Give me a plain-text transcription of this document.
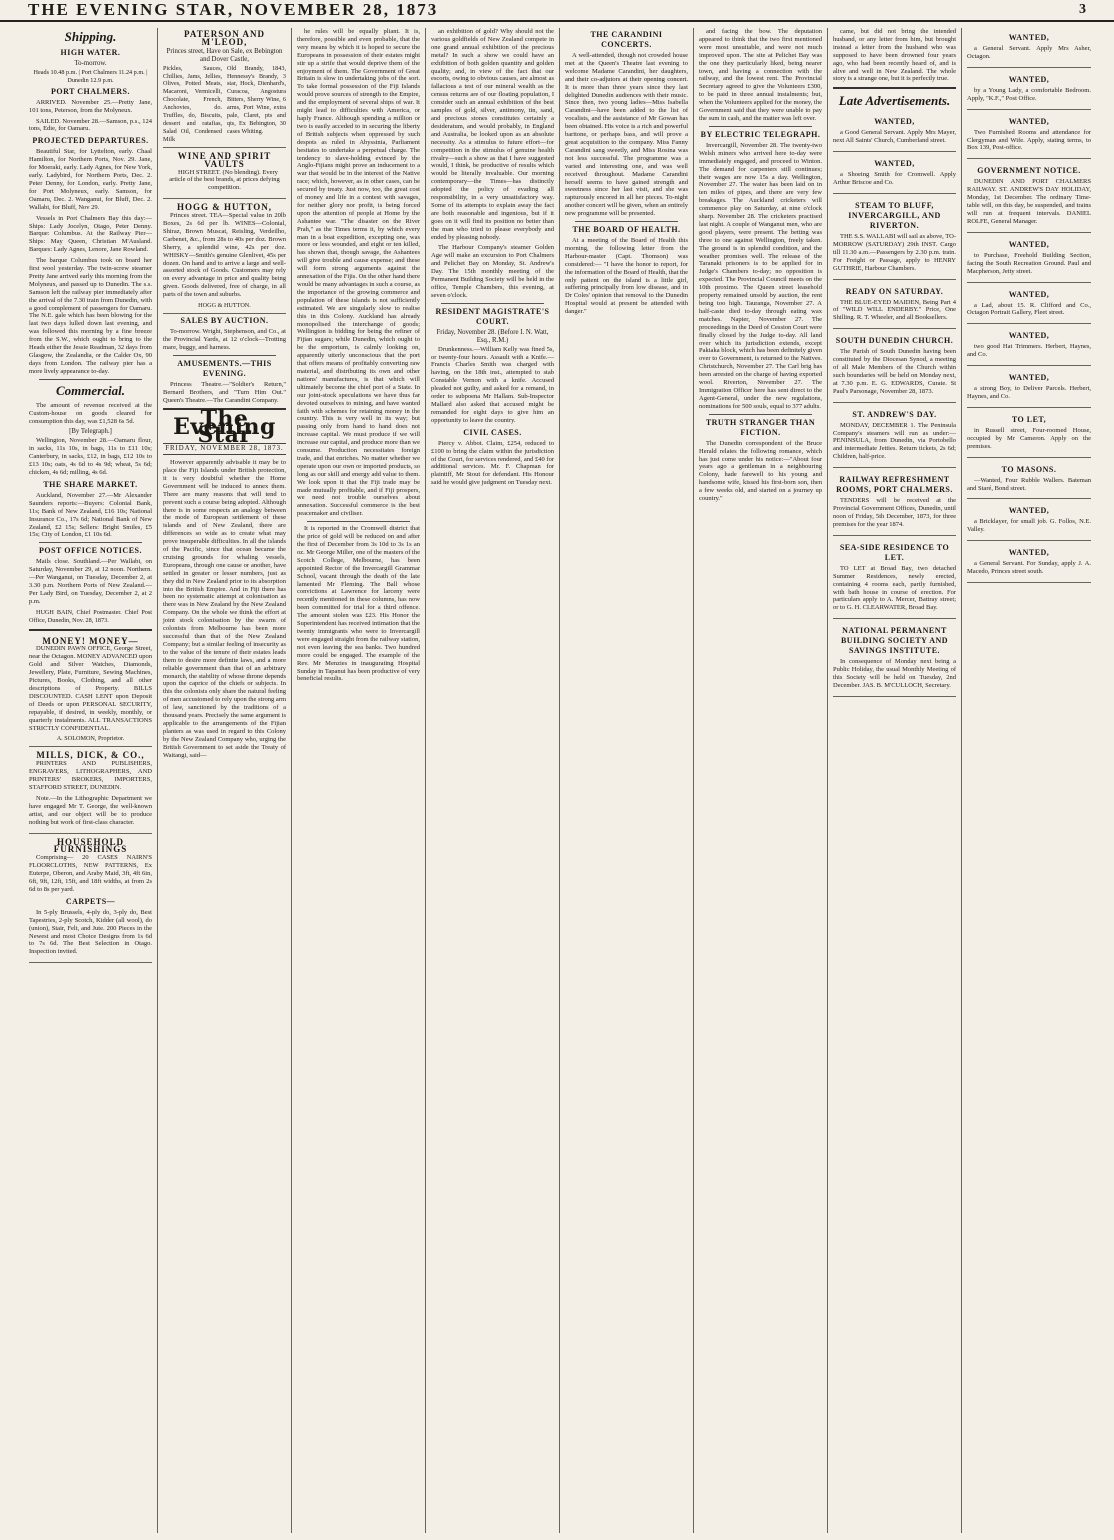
THE EVENING STAR, NOVEMBER 28, 1873	3
Shipping.
HIGH WATER.
To-morrow.
Heads 10.48 p.m. | Port Chalmers 11.24 p.m. | Dunedin 12.9 p.m.
PORT CHALMERS.

ARRIVED. November 25.—Pretty Jane, 101 tons, Peterson, from the Molyneux.

SAILED. November 28.—Samson, p.s., 124 tons, Edie, for Oamaru.

PROJECTED DEPARTURES.

Beautiful Star, for Lyttelton, early. Chaal Hamilton, for Northern Ports, Nov. 29. Jane, for Moeraki, early. Lady Agnes, for New York, early. Ladybird, for Northern Ports, Dec. 2. Peter Denny, for London, early. Pretty Jane, for Port Molyneux, early. Samson, for Oamaru, Dec. 2. Wanganui, for Bluff, Dec. 2. Wallabi, for Bluff, Nov 29.

Vessels in Port Chalmers Bay this day:—Ships: Lady Jocelyn, Otago, Peter Denny. Barque: Columbus. At the Railway Pier—Ships: May Queen, Christian M'Ausland. Barques: Lady Agnes, Lenore, Jane Rowland.

The barque Columbus took on board her first wool yesterday. The twin-screw steamer Pretty Jane arrived early this morning from the Molyneux, and passed up to Dunedin. The s.s. Samson left the railway pier immediately after the arrival of the 7.30 train from Dunedin, with a good complement of passengers for Oamaru. The N.E. gale which has been blowing for the last two days lulled down last evening, and was followed this morning by a fine breeze from the S.W., which ought to bring to the Heads either the Jessie Readman, 32 days from Glasgow, the Zealandia, or the Calder Ox, 90 days from London. The railway pier has a more lively appearance to-day.

Commercial.

The amount of revenue received at the Custom-house on goods cleared for consumption this day, was £1,528 6s 5d.

[By Telegraph.]

Wellington, November 28.—Oamaru flour, in sacks, 11s 10s, in bags, 11s to £11 10s; Canterbury, in sacks, £12, in bags, £12 10s to £13 10s; oats, 4s 6d to 4s 9d; wheat, 5s 6d; chicken, 4s 6d; milling, 4s 6d.

THE SHARE MARKET.

Auckland, November 27.—Mr Alexander Saunders reports:—Buyers: Colonial Bank, 11s; Bank of New Zealand, £16 10s; National Insurance Co., 17s 6d; National Bank of New Zealand, £2 15s; Sellers: Bright Smiles, £5 15s; City of London, £1 10s 6d.

POST OFFICE NOTICES.

Mails close. Southland.—Per Wallabi, on Saturday, November 29, at 12 noon. Northern.—Per Wanganui, on Tuesday, December 2, at 3.30 p.m. Northern Ports of New Zealand.—Per Lady Bird, on Tuesday, December 2, at 2 p.m.

HUGH BAIN, Chief Postmaster. Chief Post Office, Dunedin, Nov. 28, 1873.

MONEY! MONEY—

DUNEDIN PAWN OFFICE, George Street, near the Octagon. MONEY ADVANCED upon Gold and Silver Watches, Diamonds, Jewellery, Plate, Furniture, Sewing Machines, Pictures, Books, Clothing, and all other descriptions of Property. BILLS DISCOUNTED. CASH LENT upon Deposit of Deeds or upon PERSONAL SECURITY, repayable, if desired, in weekly, monthly, or quarterly instalments. ALL TRANSACTIONS STRICTLY CONFIDENTIAL.

A. SOLOMON, Proprietor.
MILLS, DICK, & CO.,

PRINTERS AND PUBLISHERS, ENGRAVERS, LITHOGRAPHERS, AND PRINTERS' BROKERS, IMPORTERS, STAFFORD STREET, DUNEDIN.

Note.—In the Lithographic Department we have engaged Mr T. George, the well-known artist, and our object will be to produce nothing but work of first-class character.

HOUSEHOLD FURNISHINGS

Comprising— 20 CASES NAIRN'S FLOORCLOTHS, NEW PATTERNS, Ex Euterpe, Oberon, and Araby Maid, 3ft, 4ft 6in, 6ft, 9ft, 12ft, 15ft, and 18ft widths, at from 2s 6d to 8s per yard.

CARPETS—

In 5-ply Brussels, 4-ply do, 3-ply do, Best Tapestries, 2-ply Scotch, Kidder (all wool), do (union), Stair, Felt, and Jute. 200 Pieces in the Newest and most Choice Designs from 1s 6d to 7s 6d. The Best Selection in Otago. Inspection invited.

PATERSON AND M'LEOD,
Princes street, Have on Sale, ex Bebington and Dover Castle,
Pickles, Sauces, Chillies, Jams, Jellies, Olives, Potted Meats, Macaroni, Vermicelli, Chocolate, French, Anchovies, do. Truffles, do, Biscuits, dessert and ratafias, Salad Oil, Condensed Milk
Old Brandy, 1843, Hennessy's Brandy, 3 star, Hock, Dienhard's, Curacoa, Angostura Bitters, Sherry Wine, 6 arms, Port Wine, extra pale, Claret, pts and qts, Ex Bebington, 30 cases Whiting.
WINE AND SPIRIT VAULTS

HIGH STREET. (No blending). Every article of the best brands, at prices defying competition.

HOGG & HUTTON,

Princes street. TEA—Special value in 20lb Boxes, 2s 6d per lb. WINES—Colonial, Shiraz, Brown Muscat, Reisling, Verdeilho, Carbenet, &c., from 28s to 40s per doz. Brown Sherry, a splendid wine, 42s per doz. WHISKY—Smith's genuine Glenlivet, 45s per dozen. On hand and to arrive a large and well-assorted stock of Goods. Customers may rely on every advantage in price and quality being given. Goods delivered, free of charge, in all parts of the town and suburbs.

HOGG & HUTTON.
SALES BY AUCTION.

To-morrow. Wright, Stephenson, and Co., at the Provincial Yards, at 12 o'clock—Trotting mare, buggy, and harness.

AMUSEMENTS.—THIS EVENING.

Princess Theatre.—"Soldier's Return," Bernard Brothers, and "Turn Him Out." Queen's Theatre.—The Carandini Company.

The Evening Star
FRIDAY, NOVEMBER 28, 1873.

However apparently advisable it may be to place the Fiji Islands under British protection, it is very doubtful whether the Home Government will be induced to annex them. There are many reasons that will tend to prevent such a course being adopted. Although there is in some respects an analogy between the mode of European settlement of these islands and of New Zealand, there are differences so wide as to create what may prove insuperable difficulties. In all the islands of the Pacific, since that ocean became the cruising grounds for whaling vessels, Europeans, through one cause or another, have settled in greater or lesser numbers, just as they did in New Zealand prior to its absorption into the British Empire. And in Fiji there has been no systematic attempt at colonisation as there was in New Zealand by the New Zealand Company. On the whole we think the effort at joint stock colonisation by the swarm of colonists from Melbourne has been more successful than that of the New Zealand Company; but a similar feeling of insecurity as to the value of the tenure of their estates leads them to desire more definite laws, and a more reliable government than that of an arbitrary monarch, the stability of whose throne depends upon the caprice of the chiefs or subjects. In this the colonists only share the natural feeling of men accustomed to rely upon the strong arm of law, sanctioned by the traditions of a thousand years. Precisely the same argument is applicable to the arrangements of the Fijian planters as was used in regard to this Colony by the New Zealand Company who, urging the British Government to set aside the Treaty of Waitangi, said—

he rules will be equally pliant. It is, therefore, possible and even probable, that the very means by which it is hoped to secure the Europeans in possession of their estates might stir up a strife that would deprive them of the enjoyment of them. The Government of Great Britain is slow in undertaking jobs of the sort. To take formal possession of the Fiji Islands would prove sources of strength to the Empire, and the employment of several ships of war. It might lead to difficulties with America, or haply France. Although spending a million or two is easily acceded to in securing the liberty of British subjects when oppressed by such despots as ruled in Abyssinia, Parliament hesitates to undertake a perpetual charge. The tendency to slave-holding evinced by the Anglo-Fijians might prove an inducement to a war that would be in the interest of the Native race; which, however, as in other cases, can be secured by treaty. Just now, too, the great cost of money and life in a contest with savages, for neither glory nor profit, is being forced upon the attention of people at Home by the Ashantee war. "The disaster on the River Prah," as the Times terms it, by which every man in a boat expedition, excepting one, was more or less wounded, and eight or ten killed, has shown that, though savage, the Ashantees will give trouble and cause expense; and these will form strong arguments against the annexation of the Fijis. On the other hand there would be many advantages in such a course, as the importance of the growing commerce and population of these islands is not sufficiently estimated. We are singularly slow to realise this in this Colony. Auckland has already monopolised the interchange of goods; Wellington is bidding for being the refiner of Fijian sugars; while Dunedin, which ought to be the emporium, is calmly looking on, apparently utterly unconscious that the port that offers means of profitably converting raw material, and distributing its own and other nations' manufactures, is that which will ultimately become the chief port of a State. In our joint-stock speculations we have thus far devoted ourselves to mining, and have wanted faith with schemes for retaining money in the country. This is very well in its way; but passing only from hand to hand does not increase capital. We must produce if we will increase our capital, and produce more than we consume. Production necessitates foreign trade, and that enriches. No matter whether we operate upon our own or imported products, so long as our skill and energy add value to them. We look upon it that the Fiji trade may be made mutually profitable, and if Fiji prospers, we need not trouble ourselves about annexation. Successful commerce is the best peacemaker and civiliser.

It is reported in the Cromwell district that the price of gold will be reduced on and after the first of December from 3s 10d to 3s 1s an oz. Mr George Miller, one of the masters of the Scotch College, Melbourne, has been appointed Rector of the Invercargill Grammar School, vacant through the death of the late lamented Mr Fleming. The Ball whose convictions at Lawrence for larceny were recently mentioned in these columns, has now been committed for trial for a third offence. The amount stolen was £23. His Honor the Superintendent has received intimation that the twenty immigrants who were to Invercargill were engaged straight from the railway station, not even leaving the sea banks. Two hundred more could be engaged. The example of the Rev. Mr Menzies in inaugurating Hospital Sunday in Tapanui has been productive of very beneficial results.

an exhibition of gold? Why should not the various goldfields of New Zealand compete in one grand annual exhibition of the precious metal? In such a show we could have an exhibition of both golden quantity and golden quality; and, in view of the fact that our escorts, owing to obvious causes, are almost as fallacious a test of our mineral wealth as the census returns are of our floating population, I consider such an annual exhibition of the best samples of gold, silver, antimony, tin, sand, and precious stones constitutes certainly a desideratum, and would probably, in England and Australia, be looked upon as an absolute necessity. As a stimulus to future effort—for competition in the stimulus of genuine health rivalry—such a show as that I have suggested would, I think, be productive of results which would be literally invaluable. Our morning contemporary—the Times—has distinctly adopted the policy of evading all responsibility, in a very unsatisfactory way. Some of its attempts to explain away the fact are both reasonable and ingenious, but if it goes on it will find its position no better than the man who tried to please everybody and ended by pleasing nobody.

The Harbour Company's steamer Golden Age will make an excursion to Port Chalmers and Pelichet Bay on Monday, St. Andrew's Day. The 15th monthly meeting of the Permanent Building Society will be held in the office, Temple Chambers, this evening, at seven o'clock.

RESIDENT MAGISTRATE'S COURT.
Friday, November 28. (Before I. N. Watt, Esq., R.M.)

Drunkenness.—William Kelly was fined 5s, or twenty-four hours. Assault with a Knife.—Francis Charles Smith was charged with having, on the 18th inst., attempted to stab Constable Vernon with a knife. Accused pleaded not guilty, and asked for a remand, in order to subpoena Mr Hallam. Sub-Inspector Mallard also asked that accused might be remanded for eight days to give him an opportunity to leave the country.

CIVIL CASES.

Piercy v. Abbot. Claim, £254, reduced to £100 to bring the claim within the jurisdiction of the Court, for services rendered, and £40 for additional services. Mr. F. Chapman for plaintiff, Mr Stout for defendant. His Honour said he would give judgment on Tuesday next.

THE CARANDINI CONCERTS.

A well-attended, though not crowded house met at the Queen's Theatre last evening to welcome Madame Carandini, her daughters, and their co-adjutors at their opening concert. It is more than three years since they last delighted Dunedin audiences with their music. Since then, two young ladies—Miss Isabella Carandini—have been added to the list of vocalists, and the assistance of Mr Gowan has been obtained. His voice is a rich and powerful baritone, or perhaps bass, and will prove a great acquisition to the company. Miss Fanny Carandini sang sweetly, and Miss Rosina was not less successful. The programme was a varied and interesting one, and was well received throughout. Madame Carandini herself seems to have gained strength and sweetness since her last visit, and she was rapturously encored in all her pieces. To-night another concert will be given, when an entirely new programme will be presented.

THE BOARD OF HEALTH.

At a meeting of the Board of Health this morning, the following letter from the Harbour-master (Capt. Thomson) was considered:— "I have the honor to report, for the information of the Board of Health, that the only patient on the island is a little girl, suffering principally from low disease, and in Dr Coles' opinion that removal to the Dunedin Hospital would at present be attended with danger."

and facing the bow. The deputation appeared to think that the two first mentioned were most unsuitable, and were not much improved upon. The site at Pelichet Bay was the one they particularly liked, being nearer town, and having a connection with the railway, and the lowest rent. The Provincial Secretary agreed to give the Volunteers £300, to be paid in three annual instalments; but, when the Volunteers applied for the money, the Government said that they were unable to pay the sum in cash, and the matter was left over.

BY ELECTRIC TELEGRAPH.

Invercargill, November 28. The twenty-two Welsh miners who arrived here to-day were immediately engaged, and proceed to Winton. The demand for carpenters still continues; their wages are now 15s a day. Wellington, November 27. The water has been laid on in ten miles of pipes, and there are very few breakages. The Auckland cricketers will commence play on Saturday, at nine o'clock sharp. November 28. The cricketers practised last night. A couple of Wanganui men, who are good players, were present. The betting was three to one against Wellington, freely taken. The ground is in splendid condition, and the weather promises well. The release of the Taranaki prisoners is to be applied for in Judge's Chambers to-day; no opposition is expected. The Provincial Council meets on the 10th proximo. The Queen street leasehold property remained unsold by auction, the rent being too high. Tauranga, November 27. A half-caste died to-day through eating wax matches. Napier, November 27. The proceedings in the Deed of Cession Court were finally closed by the Judge to-day. All land over which its jurisdiction extends, except Pakiaka block, which has been definitely given over to Government, is returned to the Natives. Christchurch, November 27. The Carl brig has been arrested on the charge of having exported wool. Riverton, November 27. The Immigration Officer here has sent direct to the Agent-General, under the new regulations, nominations for 500 souls, equal to 377 adults.

TRUTH STRANGER THAN FICTION.

The Dunedin correspondent of the Bruce Herald relates the following romance, which has just come under his notice:—"About four years ago a gentleman in a neighbouring Colony, hade farewell to his young and handsome wife, kissed his first-born son, then a few weeks old, and started on a journey up country."

came, but did not bring the intended husband, or any letter from him, but brought instead a letter from the husband who was supposed to have been drowned four years ago, who had been recently heard of, and is alive and well in New Zealand. The whole story is a strange one, but it is perfectly true.

Late Advertisements.
WANTED,

a Good General Servant. Apply Mrs Mayer, next All Saints' Church, Cumberland street.

WANTED,

a Shoeing Smith for Cromwell. Apply Arthur Briscoe and Co.

STEAM TO BLUFF, INVERCARGILL, AND RIVERTON.

THE S.S. WALLABI will sail as above, TO-MORROW (SATURDAY) 29th INST. Cargo till 11.30 a.m.—Passengers by 2.30 p.m. train. For Freight or Passage, apply to HENRY GUTHRIE, Harbour Chambers.

READY ON SATURDAY.

THE BLUE-EYED MAIDEN, Being Part 4 of "WILD WILL ENDERBY." Price, One Shilling. R. T. Wheeler, and all Booksellers.

SOUTH DUNEDIN CHURCH.

The Parish of South Dunedin having been constituted by the Diocesan Synod, a meeting of all Male Members of the Church within such boundaries will be held on Monday next, at 7.30 p.m. E. G. EDWARDS, Curate. St Paul's Parsonage, November 28, 1873.

ST. ANDREW'S DAY.

MONDAY, DECEMBER 1. The Peninsula Company's steamers will run as under:—PENINSULA, from Dunedin, via Portobello and intermediate Jetties. Return tickets, 2s 6d; Children, half-price.

RAILWAY REFRESHMENT ROOMS, PORT CHALMERS.

TENDERS will be received at the Provincial Government Offices, Dunedin, until noon of Friday, 5th December, 1873, for three premises for the year 1874.

SEA-SIDE RESIDENCE TO LET.

TO LET at Broad Bay, two detached Summer Residences, newly erected, containing 4 rooms each, partly furnished, with bath house in course of erection. For particulars apply to A. Mercer, Battray street; or to G. H. CLEARWATER, Broad Bay.

NATIONAL PERMANENT BUILDING SOCIETY AND SAVINGS INSTITUTE.

In consequence of Monday next being a Public Holiday, the usual Monthly Meeting of this Society will be held on Tuesday, 2nd December. JAS. B. M'CULLOCH, Secretary.

WANTED,

a General Servant. Apply Mrs Asher, Octagon.

WANTED,

by a Young Lady, a comfortable Bedroom. Apply, "K.F.," Post Office.

WANTED,

Two Furnished Rooms and attendance for Clergyman and Wife. Apply, stating terms, to Box 139, Post-office.

GOVERNMENT NOTICE.

DUNEDIN AND PORT CHALMERS RAILWAY. ST. ANDREW'S DAY HOLIDAY, Monday, 1st December. The ordinary Time-table will, on this day, be suspended, and trains will run at frequent intervals. DANIEL ROLFE, General Manager.

WANTED,

to Purchase, Freehold Building Section, facing the South Recreation Ground. Paul and Macpherson, Jetty street.

WANTED,

a Lad, about 15. R. Clifford and Co., Octagon Portrait Gallery, Fleet street.

WANTED,

two good Hat Trimmers. Herbert, Haynes, and Co.

WANTED,

a strong Boy, to Deliver Parcels. Herbert, Haynes, and Co.

TO LET,

in Russell street, Four-roomed House, occupied by Mr Cameron. Apply on the premises.

TO MASONS.

—Wanted, Four Rubble Wallers. Bateman and Staré, Bond street.

WANTED,

a Bricklayer, for small job. G. Follos, N.E. Valley.

WANTED,

a General Servant. For Sunday, apply J. A. Macedo, Princes street south.
